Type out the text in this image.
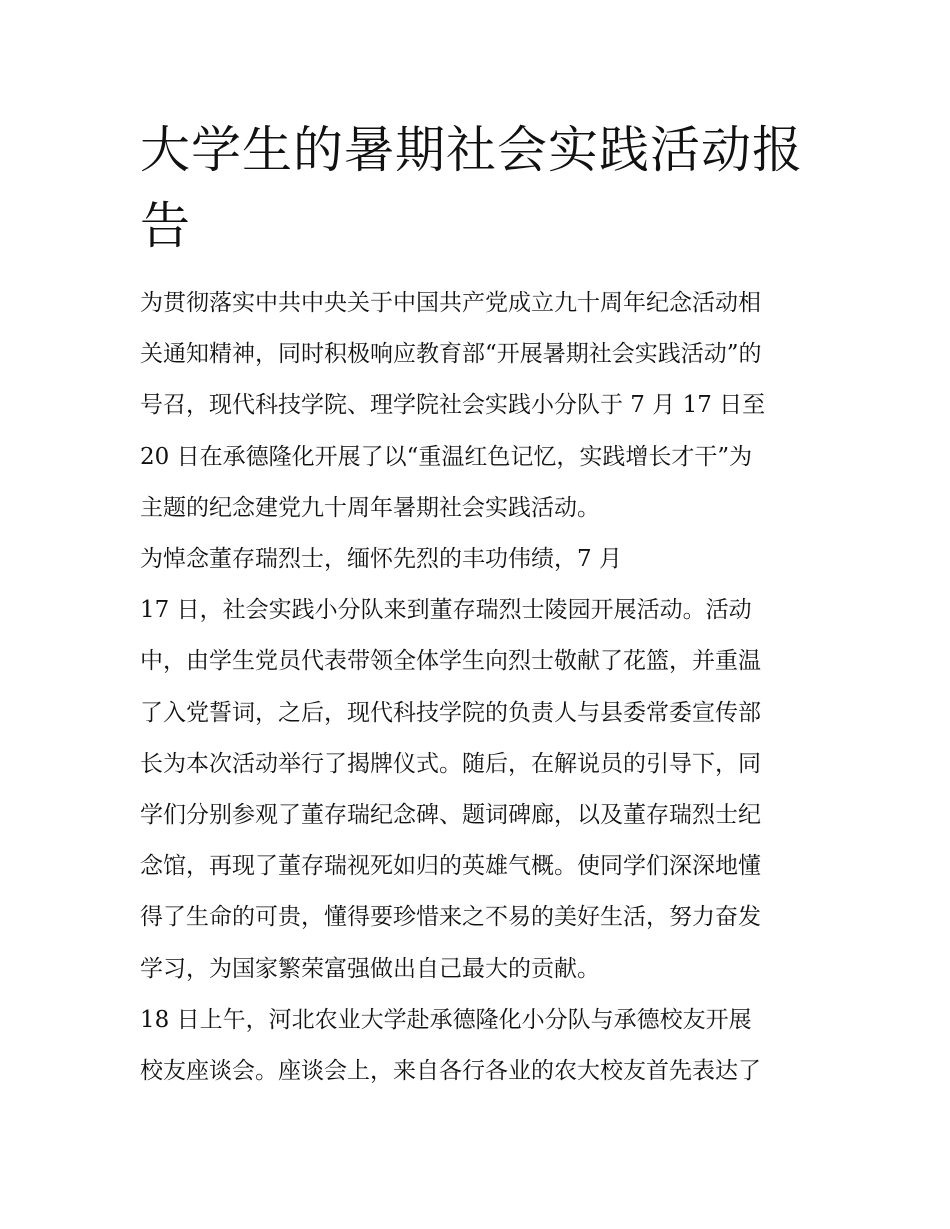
大学生的暑期社会实践活动报
告

为贯彻落实中共中央关于中国共产党成立九十周年纪念活动相
关通知精神，同时积极响应教育部“开展暑期社会实践活动”的
号召，现代科技学院、理学院社会实践小分队于 7 月 17 日至
20 日在承德隆化开展了以“重温红色记忆，实践增长才干”为
主题的纪念建党九十周年暑期社会实践活动。

为悼念董存瑞烈士，缅怀先烈的丰功伟绩，7 月

17 日，社会实践小分队来到董存瑞烈士陵园开展活动。活动
中，由学生党员代表带领全体学生向烈士敬献了花篮，并重温
了入党誓词，之后，现代科技学院的负责人与县委常委宣传部
长为本次活动举行了揭牌仪式。随后，在解说员的引导下，同
学们分别参观了董存瑞纪念碑、题词碑廊，以及董存瑞烈士纪
念馆，再现了董存瑞视死如归的英雄气概。使同学们深深地懂
得了生命的可贵，懂得要珍惜来之不易的美好生活，努力奋发
学习，为国家繁荣富强做出自己最大的贡献。

18 日上午，河北农业大学赴承德隆化小分队与承德校友开展
校友座谈会。座谈会上，来自各行各业的农大校友首先表达了
